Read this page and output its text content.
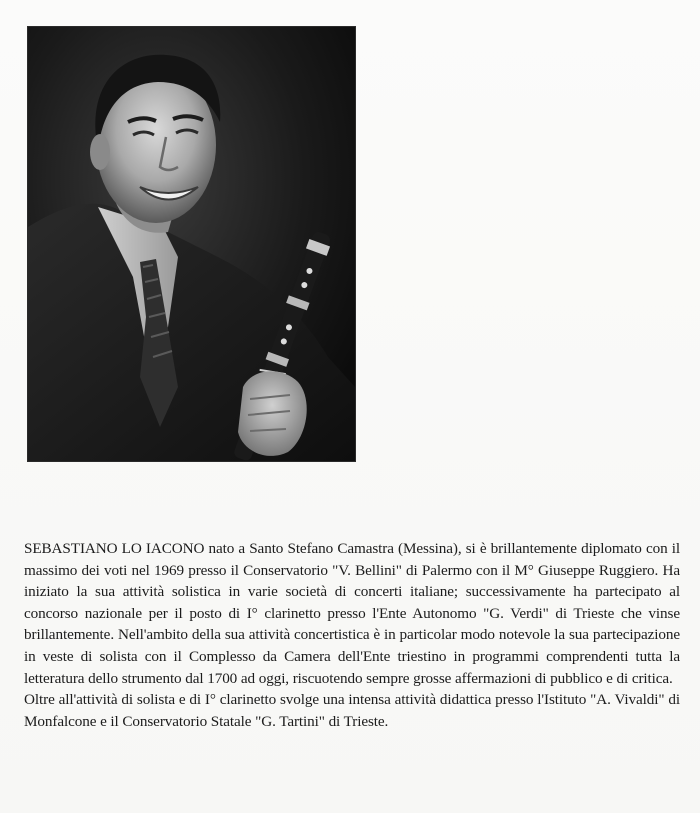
SEBASTIANO LO IACONO nato a Santo Stefano Camastra (Messina), si è brillantemente diplomato con il massimo dei voti nel 1969 presso il Conservatorio "V. Bellini" di Palermo con il M° Giuseppe Ruggiero. Ha iniziato la sua attività solistica in varie società di concerti italiane; successivamente ha partecipato al concorso nazionale per il posto di I° clarinetto presso l'Ente Autonomo "G. Verdi" di Trieste che vinse brillantemente. Nell'ambito della sua attività concertistica è in particolar modo notevole la sua partecipazione in veste di solista con il Complesso da Camera dell'Ente triestino in programmi comprendenti tutta la letteratura dello strumento dal 1700 ad oggi, riscuotendo sempre grosse affermazioni di pubblico e di critica.

Oltre all'attività di solista e di I° clarinetto svolge una intensa attività didattica presso l'Istituto "A. Vivaldi" di Monfalcone e il Conservatorio Statale "G. Tartini" di Trieste.
